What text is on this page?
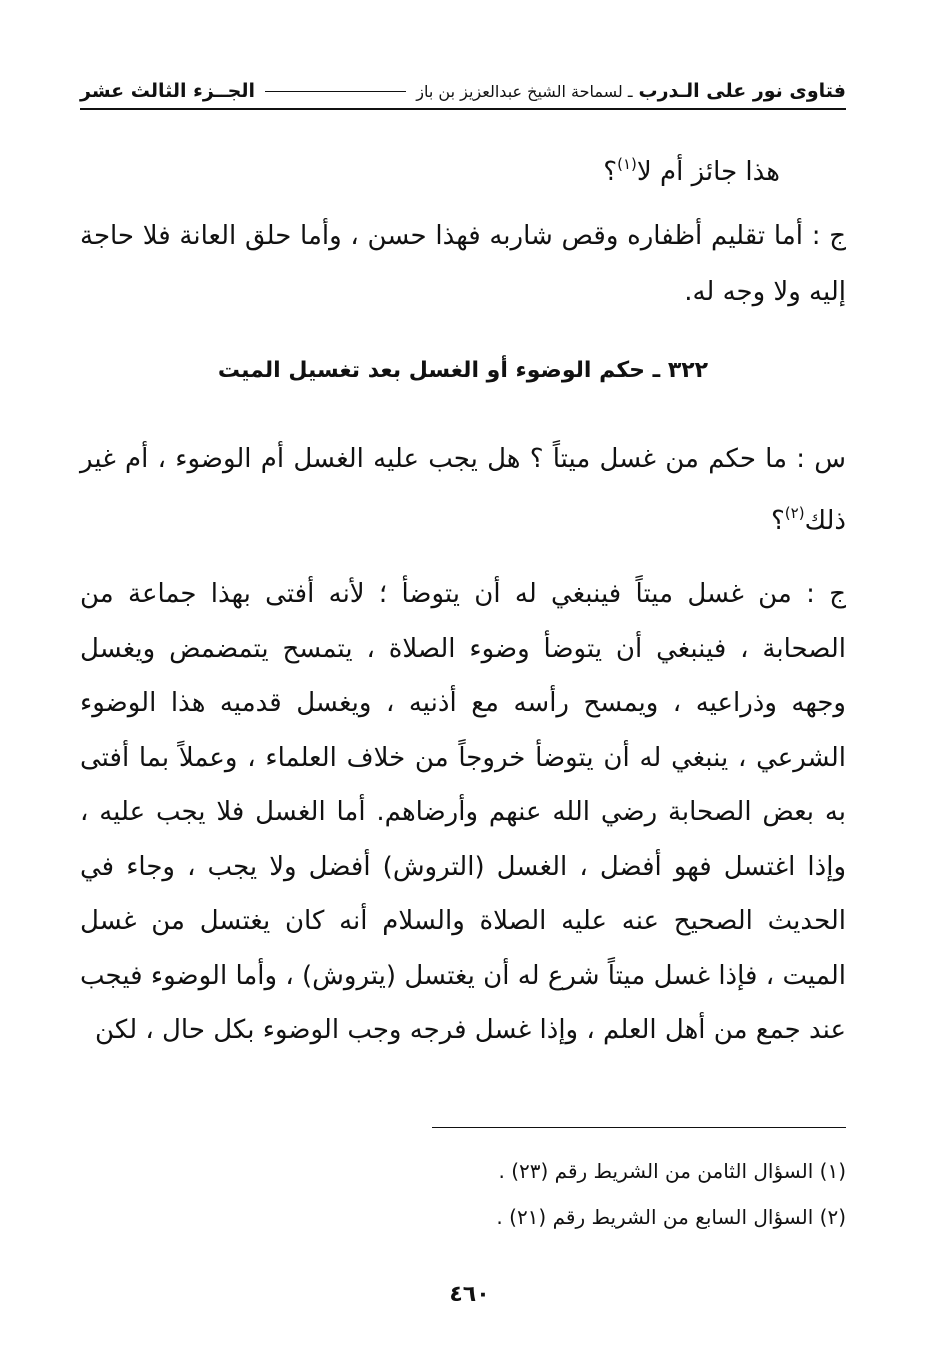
فتاوى نور على الـدرب
ـ لسماحة الشيخ عبدالعزيز بن باز
الجــزء الثالث عشر

هذا جائز أم لا$^{(١)}$؟

ج : أما تقليم أظفاره وقص شاربه فهذا حسن ، وأما حلق العانة فلا حاجة إليه ولا وجه له.

٣٢٢ ـ حكم الوضوء أو الغسل بعد تغسيل الميت

س : ما حكم من غسل ميتاً ؟ هل يجب عليه الغسل أم الوضوء ، أم غير ذلك$^{(٢)}$؟

ج : من غسل ميتاً فينبغي له أن يتوضأ ؛ لأنه أفتى بهذا جماعة من الصحابة ، فينبغي أن يتوضأ وضوء الصلاة ، يتمسح يتمضمض ويغسل وجهه وذراعيه ، ويمسح رأسه مع أذنيه ، ويغسل قدميه هذا الوضوء الشرعي ، ينبغي له أن يتوضأ خروجاً من خلاف العلماء ، وعملاً بما أفتى به بعض الصحابة رضي الله عنهم وأرضاهم. أما الغسل فلا يجب عليه ، وإذا اغتسل فهو أفضل ، الغسل (التروش) أفضل ولا يجب ، وجاء في الحديث الصحيح عنه عليه الصلاة والسلام أنه كان يغتسل من غسل الميت ، فإذا غسل ميتاً شرع له أن يغتسل (يتروش) ، وأما الوضوء فيجب عند جمع من أهل العلم ، وإذا غسل فرجه وجب الوضوء بكل حال ، لكن

(١) السؤال الثامن من الشريط رقم (٢٣) .
(٢) السؤال السابع من الشريط رقم (٢١) .
٤٦٠
